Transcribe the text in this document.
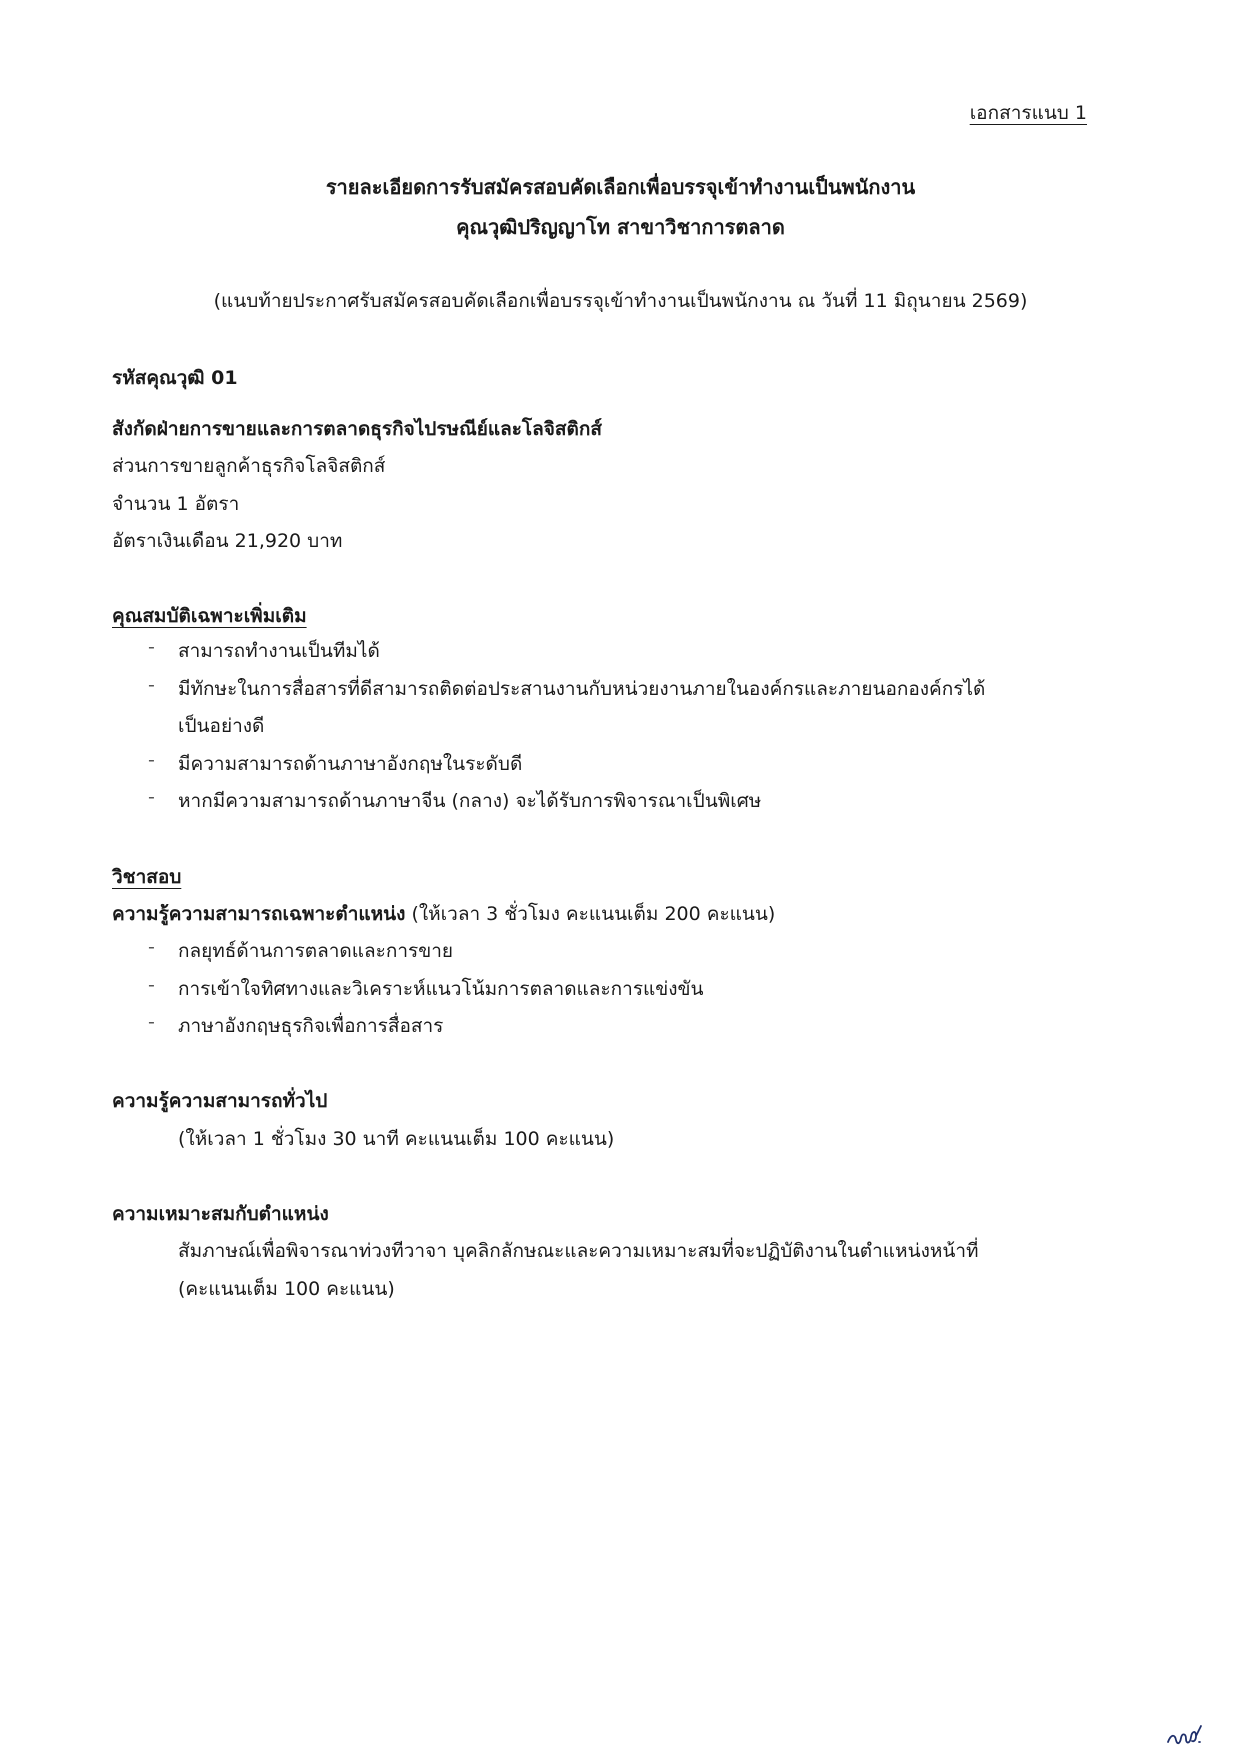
เอกสารแนบ 1
รายละเอียดการรับสมัครสอบคัดเลือกเพื่อบรรจุเข้าทำงานเป็นพนักงาน
คุณวุฒิปริญญาโท สาขาวิชาการตลาด
(แนบท้ายประกาศรับสมัครสอบคัดเลือกเพื่อบรรจุเข้าทำงานเป็นพนักงาน ณ วันที่ 11 มิถุนายน 2569)
รหัสคุณวุฒิ 01
สังกัดฝ่ายการขายและการตลาดธุรกิจไปรษณีย์และโลจิสติกส์
ส่วนการขายลูกค้าธุรกิจโลจิสติกส์
จำนวน 1 อัตรา
อัตราเงินเดือน 21,920 บาท
คุณสมบัติเฉพาะเพิ่มเติม
- สามารถทำงานเป็นทีมได้
- มีทักษะในการสื่อสารที่ดีสามารถติดต่อประสานงานกับหน่วยงานภายในองค์กรและภายนอกองค์กรได้
เป็นอย่างดี
- มีความสามารถด้านภาษาอังกฤษในระดับดี
- หากมีความสามารถด้านภาษาจีน (กลาง) จะได้รับการพิจารณาเป็นพิเศษ
วิชาสอบ
ความรู้ความสามารถเฉพาะตำแหน่ง (ให้เวลา 3 ชั่วโมง คะแนนเต็ม 200 คะแนน)
- กลยุทธ์ด้านการตลาดและการขาย
- การเข้าใจทิศทางและวิเคราะห์แนวโน้มการตลาดและการแข่งขัน
- ภาษาอังกฤษธุรกิจเพื่อการสื่อสาร
ความรู้ความสามารถทั่วไป
(ให้เวลา 1 ชั่วโมง 30 นาที คะแนนเต็ม 100 คะแนน)
ความเหมาะสมกับตำแหน่ง
สัมภาษณ์เพื่อพิจารณาท่วงทีวาจา บุคลิกลักษณะและความเหมาะสมที่จะปฏิบัติงานในตำแหน่งหน้าที่
(คะแนนเต็ม 100 คะแนน)
